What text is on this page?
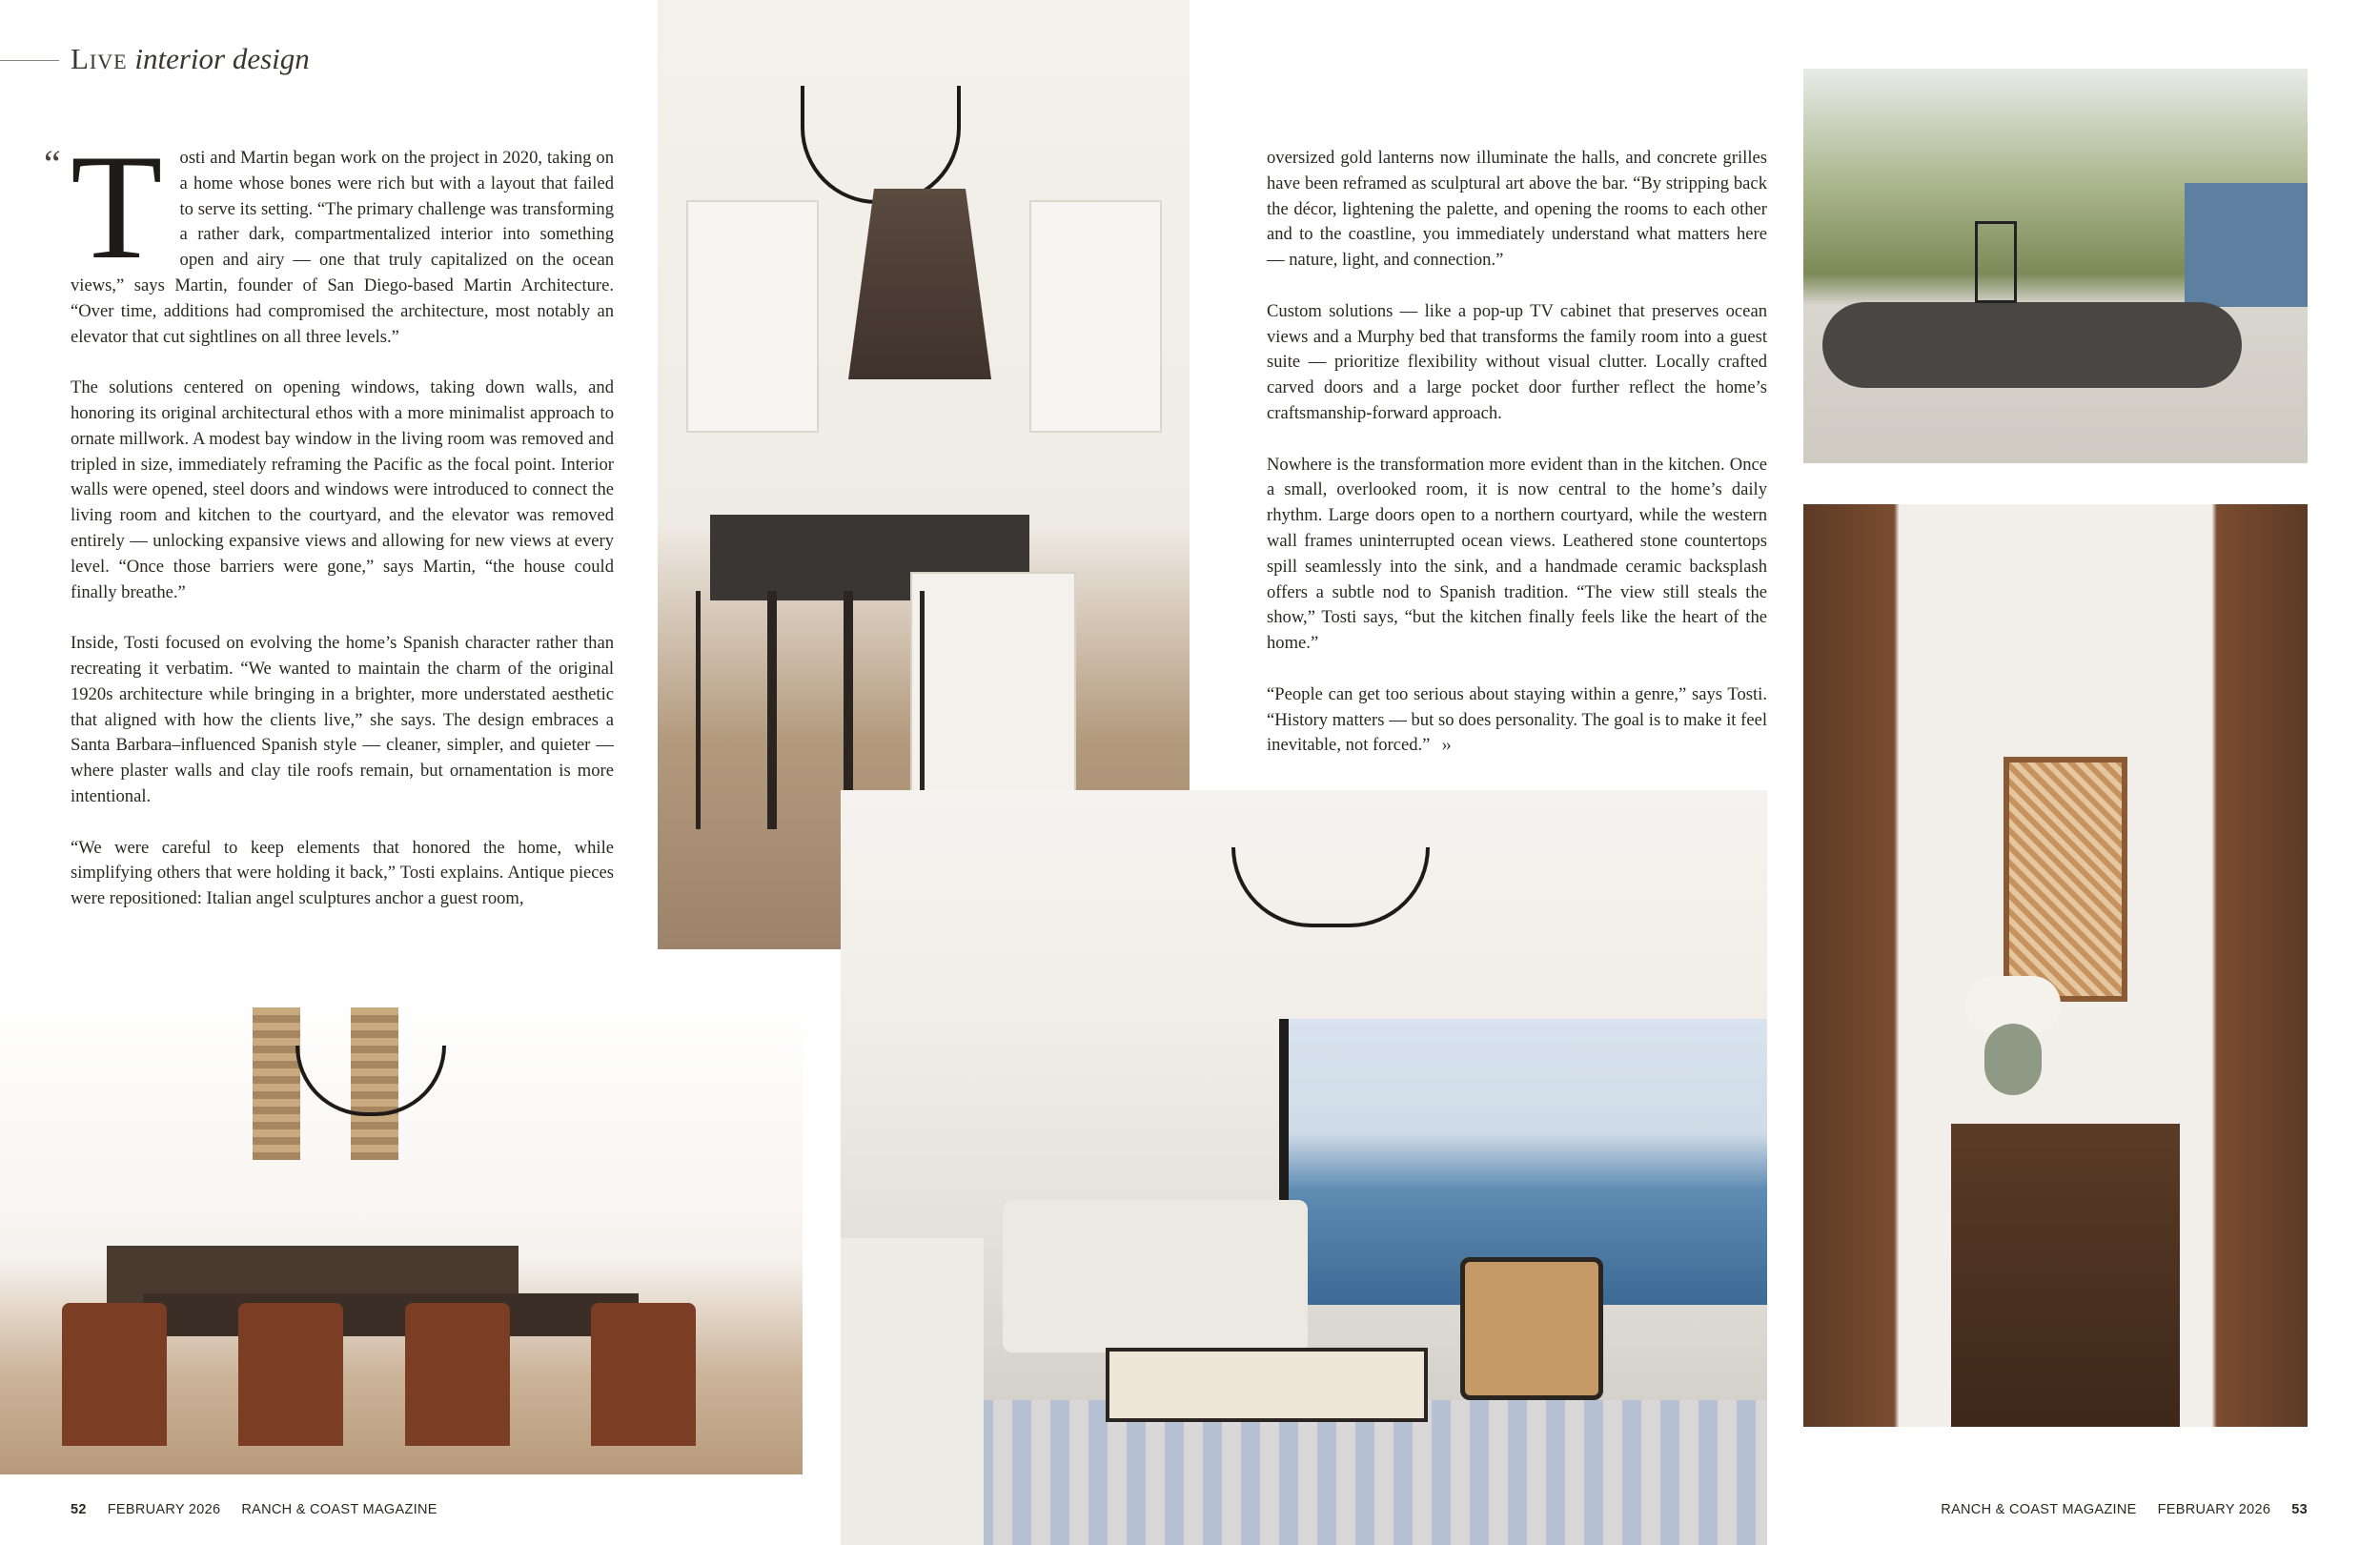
Live interior design
“ T osti and Martin began work on the project in 2020, taking on a home whose bones were rich but with a layout that failed to serve its setting. “The primary challenge was transforming a rather dark, compartmentalized interior into something open and airy — one that truly capitalized on the ocean views,” says Martin, founder of San Diego-based Martin Architecture. “Over time, additions had compromised the architecture, most notably an elevator that cut sightlines on all three levels.”

The solutions centered on opening windows, taking down walls, and honoring its original architectural ethos with a more minimalist approach to ornate millwork. A modest bay window in the living room was removed and tripled in size, immediately reframing the Pacific as the focal point. Interior walls were opened, steel doors and windows were introduced to connect the living room and kitchen to the courtyard, and the elevator was removed entirely — unlocking expansive views and allowing for new views at every level. “Once those barriers were gone,” says Martin, “the house could finally breathe.”

Inside, Tosti focused on evolving the home’s Spanish character rather than recreating it verbatim. “We wanted to maintain the charm of the original 1920s architecture while bringing in a brighter, more understated aesthetic that aligned with how the clients live,” she says. The design embraces a Santa Barbara–influenced Spanish style — cleaner, simpler, and quieter — where plaster walls and clay tile roofs remain, but ornamentation is more intentional.

“We were careful to keep elements that honored the home, while simplifying others that were holding it back,” Tosti explains. Antique pieces were repositioned: Italian angel sculptures anchor a guest room,

oversized gold lanterns now illuminate the halls, and concrete grilles have been reframed as sculptural art above the bar. “By stripping back the décor, lightening the palette, and opening the rooms to each other and to the coastline, you immediately understand what matters here — nature, light, and connection.”

Custom solutions — like a pop-up TV cabinet that preserves ocean views and a Murphy bed that transforms the family room into a guest suite — prioritize flexibility without visual clutter. Locally crafted carved doors and a large pocket door further reflect the home’s craftsmanship-forward approach.

Nowhere is the transformation more evident than in the kitchen. Once a small, overlooked room, it is now central to the home’s daily rhythm. Large doors open to a northern courtyard, while the western wall frames uninterrupted ocean views. Leathered stone countertops spill seamlessly into the sink, and a handmade ceramic backsplash offers a subtle nod to Spanish tradition. “The view still steals the show,” Tosti says, “but the kitchen finally feels like the heart of the home.”

“People can get too serious about staying within a genre,” says Tosti. “History matters — but so does personality. The goal is to make it feel inevitable, not forced.” ››

52 FEBRUARY 2026 RANCH & COAST MAGAZINE	RANCH & COAST MAGAZINE FEBRUARY 2026 53
